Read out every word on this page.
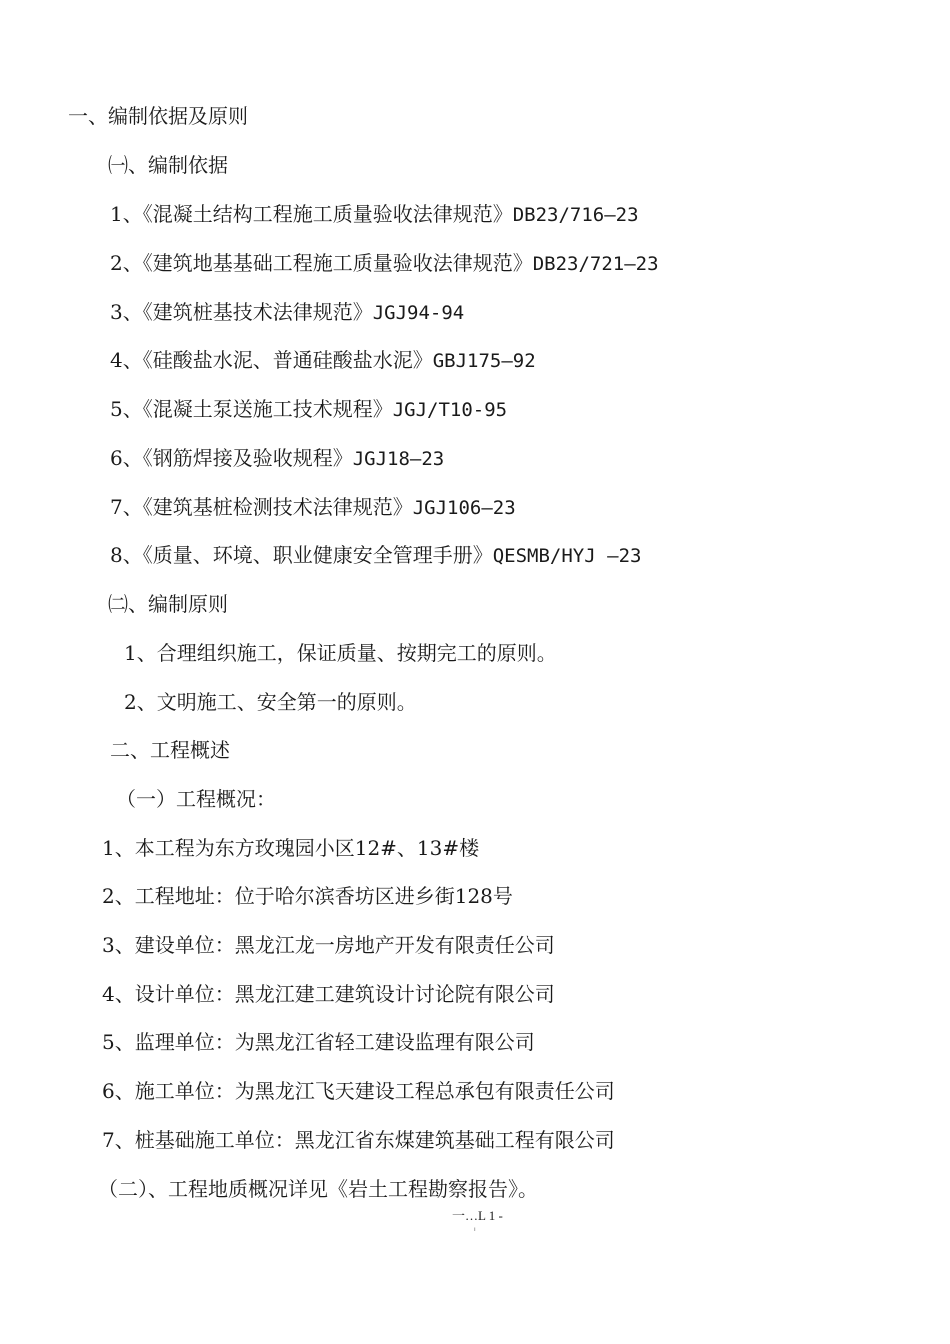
一、编制依据及原则
㈠、编制依据
1、《混凝土结构工程施工质量验收法律规范》DB23/716—23
2、《建筑地基基础工程施工质量验收法律规范》DB23/721—23
3、《建筑桩基技术法律规范》JGJ94-94
4、《硅酸盐水泥、普通硅酸盐水泥》GBJ175—92
5、《混凝土泵送施工技术规程》JGJ/T10-95
6、《钢筋焊接及验收规程》JGJ18—23
7、《建筑基桩检测技术法律规范》JGJ106—23
8、《质量、环境、职业健康安全管理手册》QESMB/HYJ —23
㈡、编制原则
1、合理组织施工，保证质量、按期完工的原则。
2、文明施工、安全第一的原则。
二、工程概述
（一）工程概况：
1、本工程为东方玫瑰园小区12#、13#楼
2、工程地址：位于哈尔滨香坊区进乡街128号
3、建设单位：黑龙江龙一房地产开发有限责任公司
4、设计单位：黑龙江建工建筑设计讨论院有限公司
5、监理单位：为黑龙江省轻工建设监理有限公司
6、施工单位：为黑龙江飞天建设工程总承包有限责任公司
7、桩基础施工单位：黑龙江省东煤建筑基础工程有限公司
（二）、工程地质概况详见《岩土工程勘察报告》。
一…L 1 -
ı
